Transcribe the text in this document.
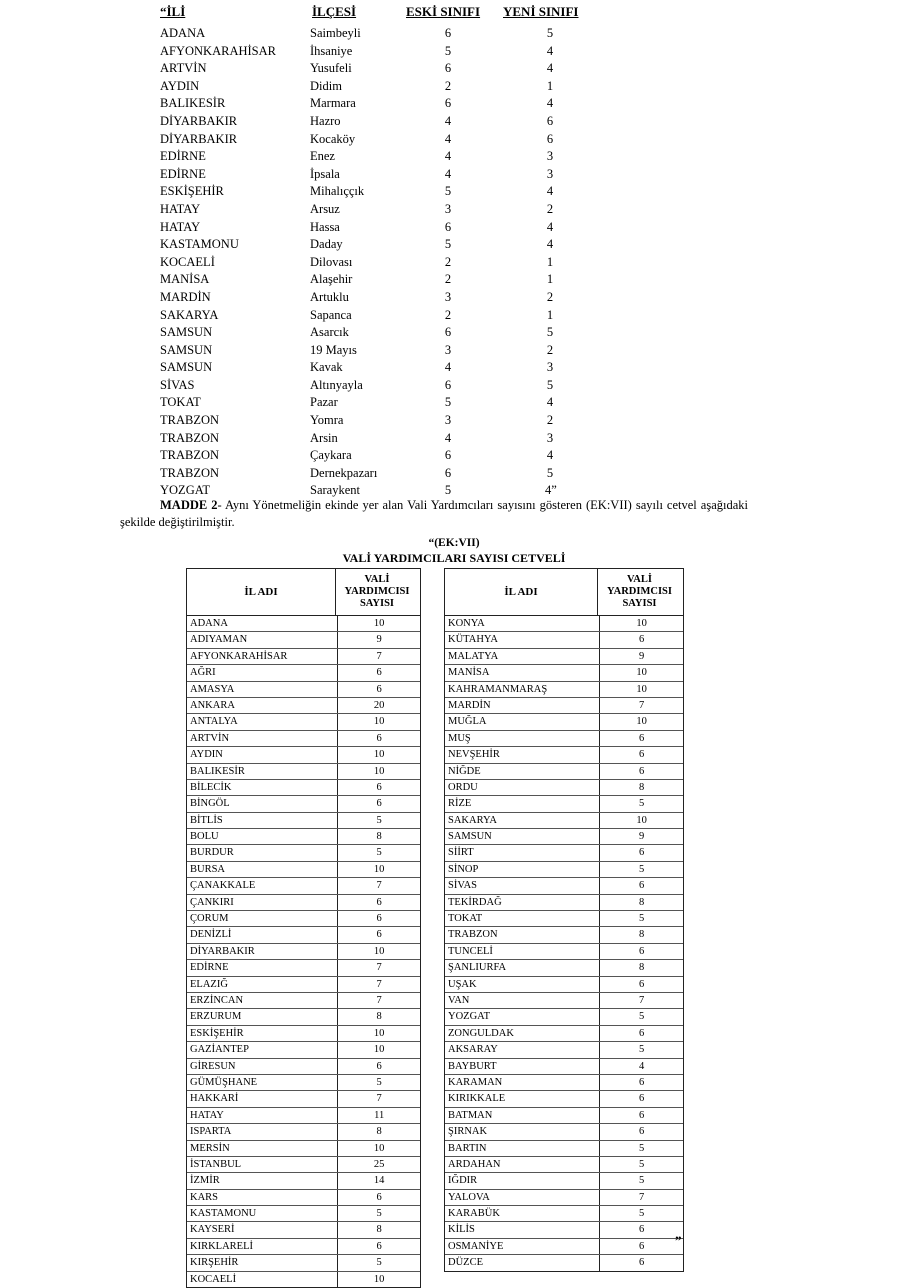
“İLİ	İLÇESİ	ESKİ SINIFI YENİ SINIFI
ADANA	Saimbeyli	6	5
AFYONKARAHİSAR	İhsaniye	5	4
ARTVİN	Yusufeli	6	4
AYDIN	Didim	2	1
BALIKESİR	Marmara	6	4
DİYARBAKIR	Hazro	4	6
DİYARBAKIR	Kocaköy	4	6
EDİRNE	Enez	4	3
EDİRNE	İpsala	4	3
ESKİŞEHİR	Mihalıççık	5	4
HATAY	Arsuz	3	2
HATAY	Hassa	6	4
KASTAMONU	Daday	5	4
KOCAELİ	Dilovası	2	1
MANİSA	Alaşehir	2	1
MARDİN	Artuklu	3	2
SAKARYA	Sapanca	2	1
SAMSUN	Asarcık	6	5
SAMSUN	19 Mayıs	3	2
SAMSUN	Kavak	4	3
SİVAS	Altınyayla	6	5
TOKAT	Pazar	5	4
TRABZON	Yomra	3	2
TRABZON	Arsin	4	3
TRABZON	Çaykara	6	4
TRABZON	Dernekpazarı	6	5
YOZGAT	Saraykent	5	4”
MADDE 2- Aynı Yönetmeliğin ekinde yer alan Vali Yardımcıları sayısını gösteren (EK:VII) sayılı cetvel aşağıdaki şekilde değiştirilmiştir.
“(EK:VII)
VALİ YARDIMCILARI SAYISI CETVELİ
İL ADI
VALİ YARDIMCISI SAYISI
ADANA	10
ADIYAMAN	9
AFYONKARAHİSAR	7
AĞRI	6
AMASYA	6
ANKARA	20
ANTALYA	10
ARTVİN	6
AYDIN	10
BALIKESİR	10
BİLECİK	6
BİNGÖL	6
BİTLİS	5
BOLU	8
BURDUR	5
BURSA	10
ÇANAKKALE	7
ÇANKIRI	6
ÇORUM	6
DENİZLİ	6
DİYARBAKIR	10
EDİRNE	7
ELAZIĞ	7
ERZİNCAN	7
ERZURUM	8
ESKİŞEHİR	10
GAZİANTEP	10
GİRESUN	6
GÜMÜŞHANE	5
HAKKARİ	7
HATAY	11
ISPARTA	8
MERSİN	10
İSTANBUL	25
İZMİR	14
KARS	6
KASTAMONU	5
KAYSERİ	8
KIRKLARELİ	6
KIRŞEHİR	5
KOCAELİ	10
İL ADI
VALİ YARDIMCISI SAYISI
KONYA	10
KÜTAHYA	6
MALATYA	9
MANİSA	10
KAHRAMANMARAŞ	10
MARDİN	7
MUĞLA	10
MUŞ	6
NEVŞEHİR	6
NİĞDE	6
ORDU	8
RİZE	5
SAKARYA	10
SAMSUN	9
SİİRT	6
SİNOP	5
SİVAS	6
TEKİRDAĞ	8
TOKAT	5
TRABZON	8
TUNCELİ	6
ŞANLIURFA	8
UŞAK	6
VAN	7
YOZGAT	5
ZONGULDAK	6
AKSARAY	5
BAYBURT	4
KARAMAN	6
KIRIKKALE	6
BATMAN	6
ŞIRNAK	6
BARTIN	5
ARDAHAN	5
IĞDIR	5
YALOVA	7
KARABÜK	5
KİLİS	6
OSMANİYE	6
DÜZCE	6
”
